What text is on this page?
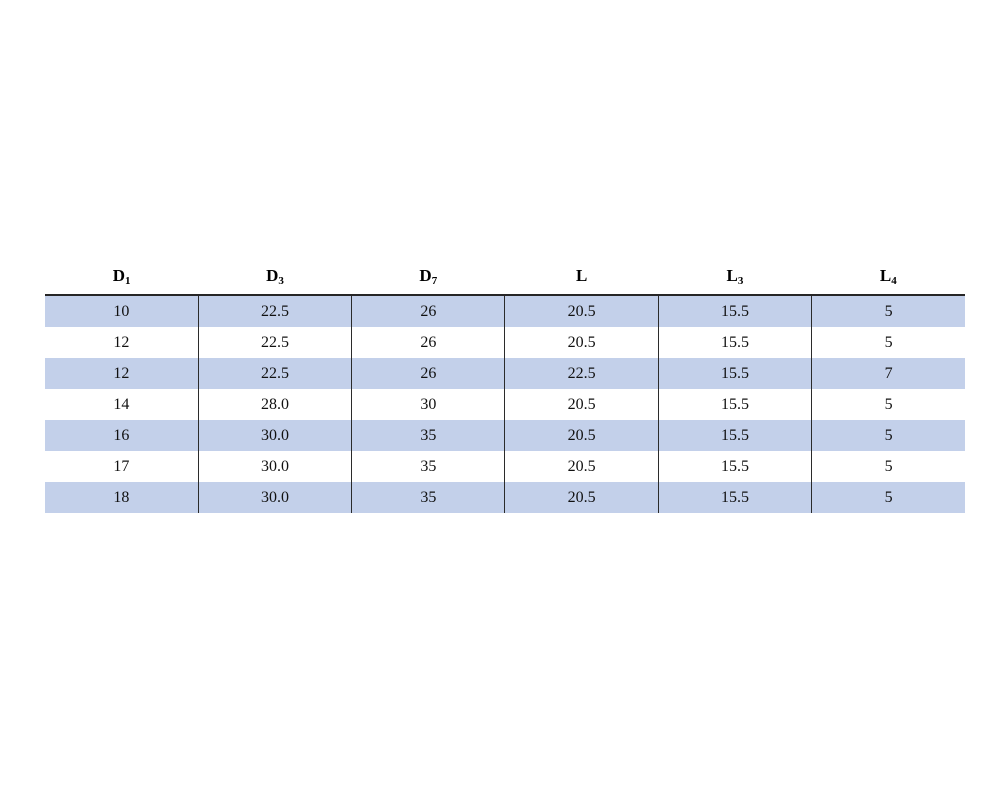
D1	D3	D7	L	L3	L4
10	22.5	26	20.5	15.5	5
12	22.5	26	20.5	15.5	5
12	22.5	26	22.5	15.5	7
14	28.0	30	20.5	15.5	5
16	30.0	35	20.5	15.5	5
17	30.0	35	20.5	15.5	5
18	30.0	35	20.5	15.5	5
